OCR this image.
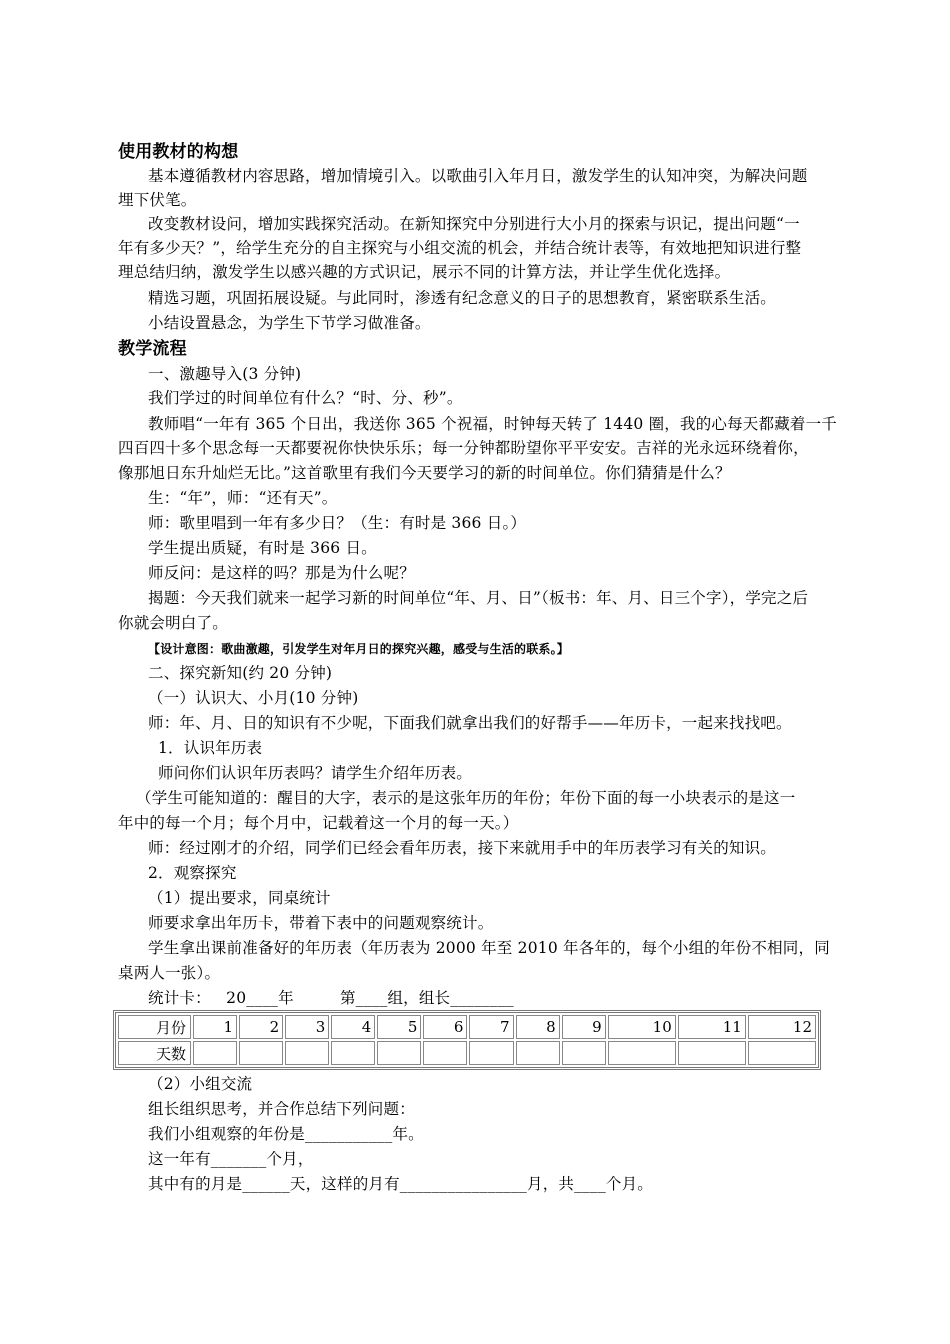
使用教材的构想
基本遵循教材内容思路，增加情境引入。以歌曲引入年月日，激发学生的认知冲突，为解决问题
埋下伏笔。
改变教材设问，增加实践探究活动。在新知探究中分别进行大小月的探索与识记，提出问题“一
年有多少天？”，给学生充分的自主探究与小组交流的机会，并结合统计表等，有效地把知识进行整
理总结归纳，激发学生以感兴趣的方式识记，展示不同的计算方法，并让学生优化选择。
精选习题，巩固拓展设疑。与此同时，渗透有纪念意义的日子的思想教育，紧密联系生活。
小结设置悬念，为学生下节学习做准备。
教学流程
一、激趣导入(3 分钟)
我们学过的时间单位有什么？“时、分、秒”。
教师唱“一年有 365 个日出，我送你 365 个祝福，时钟每天转了 1440 圈，我的心每天都藏着一千
四百四十多个思念每一天都要祝你快快乐乐；每一分钟都盼望你平平安安。吉祥的光永远环绕着你，
像那旭日东升灿烂无比。”这首歌里有我们今天要学习的新的时间单位。你们猜猜是什么？
生：“年”，师：“还有天”。
师：歌里唱到一年有多少日？（生：有时是 366 日。）
学生提出质疑，有时是 366 日。
师反问：是这样的吗？那是为什么呢？
揭题：今天我们就来一起学习新的时间单位“年、月、日”（板书：年、月、日三个字），学完之后
你就会明白了。
【设计意图：歌曲激趣，引发学生对年月日的探究兴趣，感受与生活的联系。】
二、探究新知(约 20 分钟)
（一）认识大、小月(10 分钟)
师：年、月、日的知识有不少呢，下面我们就拿出我们的好帮手——年历卡，一起来找找吧。
1．认识年历表
师问你们认识年历表吗？请学生介绍年历表。
（学生可能知道的：醒目的大字，表示的是这张年历的年份；年份下面的每一小块表示的是这一
年中的每一个月；每个月中，记载着这一个月的每一天。）
师：经过刚才的介绍，同学们已经会看年历表，接下来就用手中的年历表学习有关的知识。
2．观察探究
（1）提出要求，同桌统计
师要求拿出年历卡，带着下表中的问题观察统计。
学生拿出课前准备好的年历表（年历表为 2000 年至 2010 年各年的，每个小组的年份不相同，同
桌两人一张）。
统计卡：   20____年         第____组，组长________
月份	1	2	3	4	5	6	7	8	9	10	11	12
天数												
（2）小组交流
组长组织思考，并合作总结下列问题：
我们小组观察的年份是___________年。
这一年有_______个月，
其中有的月是______天，这样的月有________________月，共____个月。
